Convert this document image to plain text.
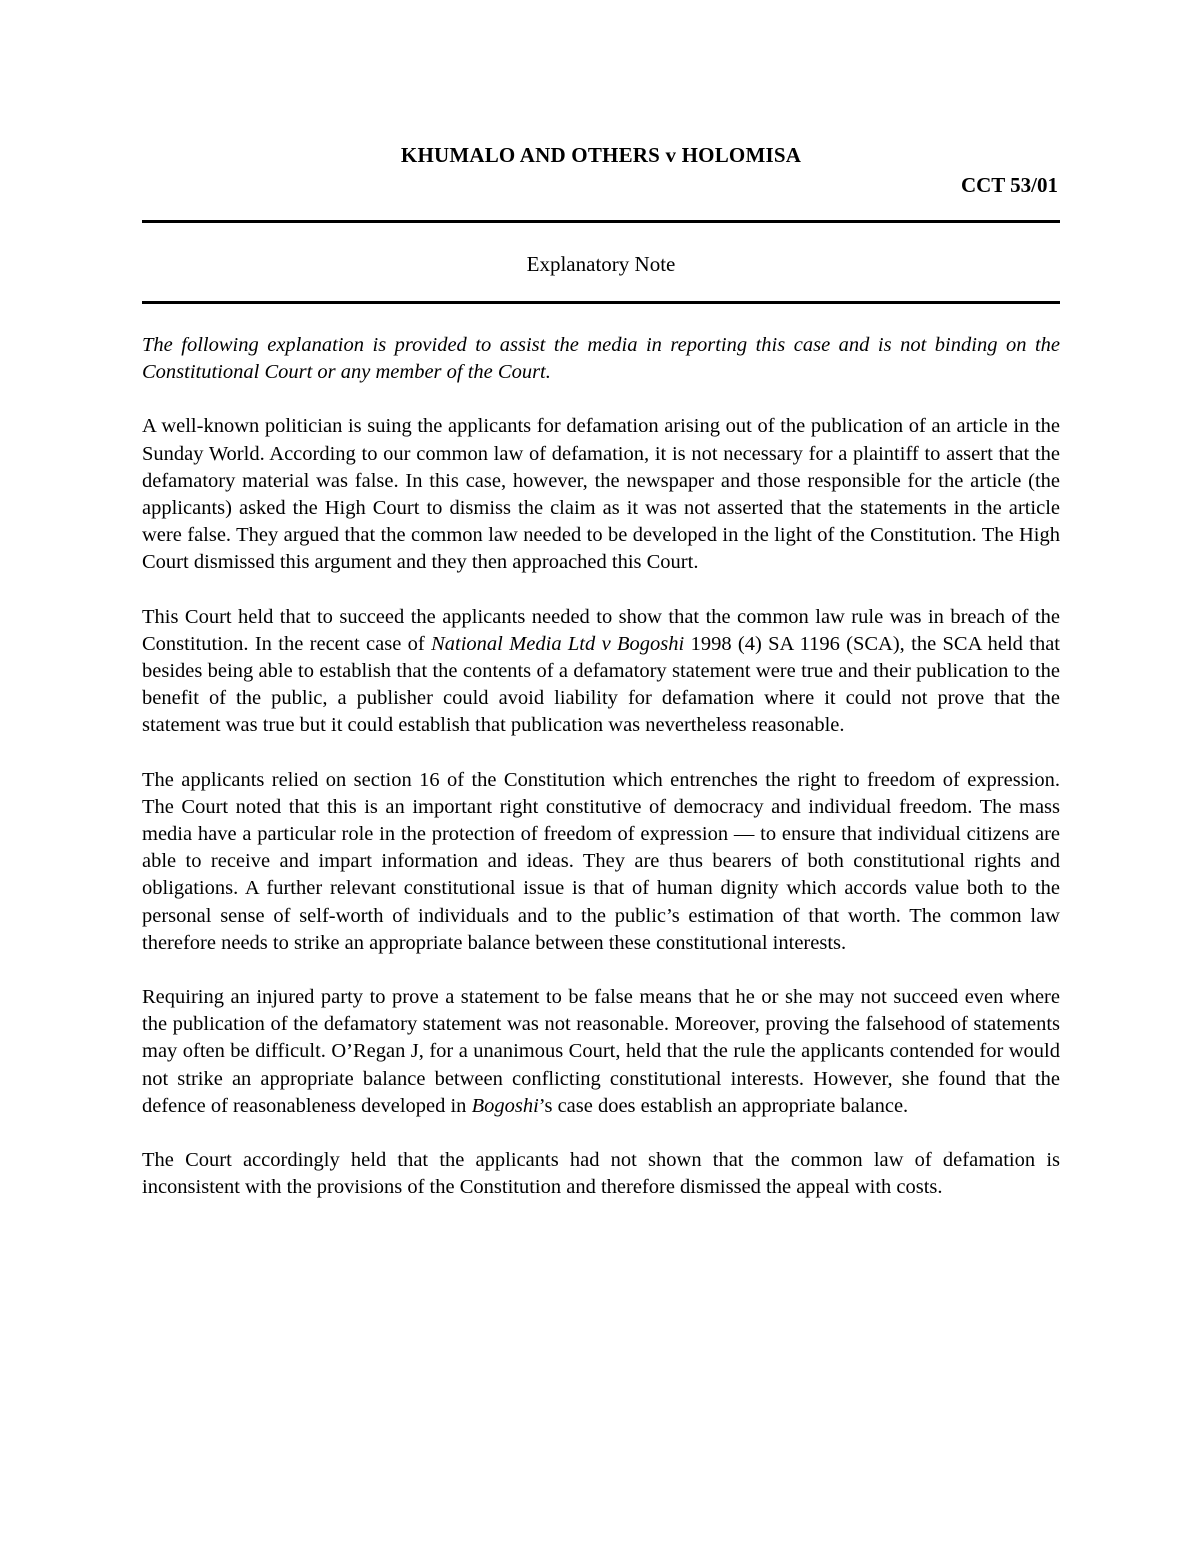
KHUMALO AND OTHERS v HOLOMISA

CCT 53/01

Explanatory Note

The following explanation is provided to assist the media in reporting this case and is not binding on the Constitutional Court or any member of the Court.

A well-known politician is suing the applicants for defamation arising out of the publication of an article in the Sunday World. According to our common law of defamation, it is not necessary for a plaintiff to assert that the defamatory material was false. In this case, however, the newspaper and those responsible for the article (the applicants) asked the High Court to dismiss the claim as it was not asserted that the statements in the article were false. They argued that the common law needed to be developed in the light of the Constitution. The High Court dismissed this argument and they then approached this Court.

This Court held that to succeed the applicants needed to show that the common law rule was in breach of the Constitution. In the recent case of National Media Ltd v Bogoshi 1998 (4) SA 1196 (SCA), the SCA held that besides being able to establish that the contents of a defamatory statement were true and their publication to the benefit of the public, a publisher could avoid liability for defamation where it could not prove that the statement was true but it could establish that publication was nevertheless reasonable.

The applicants relied on section 16 of the Constitution which entrenches the right to freedom of expression. The Court noted that this is an important right constitutive of democracy and individual freedom. The mass media have a particular role in the protection of freedom of expression — to ensure that individual citizens are able to receive and impart information and ideas. They are thus bearers of both constitutional rights and obligations. A further relevant constitutional issue is that of human dignity which accords value both to the personal sense of self-worth of individuals and to the public’s estimation of that worth. The common law therefore needs to strike an appropriate balance between these constitutional interests.

Requiring an injured party to prove a statement to be false means that he or she may not succeed even where the publication of the defamatory statement was not reasonable. Moreover, proving the falsehood of statements may often be difficult. O’Regan J, for a unanimous Court, held that the rule the applicants contended for would not strike an appropriate balance between conflicting constitutional interests. However, she found that the defence of reasonableness developed in Bogoshi’s case does establish an appropriate balance.

The Court accordingly held that the applicants had not shown that the common law of defamation is inconsistent with the provisions of the Constitution and therefore dismissed the appeal with costs.
